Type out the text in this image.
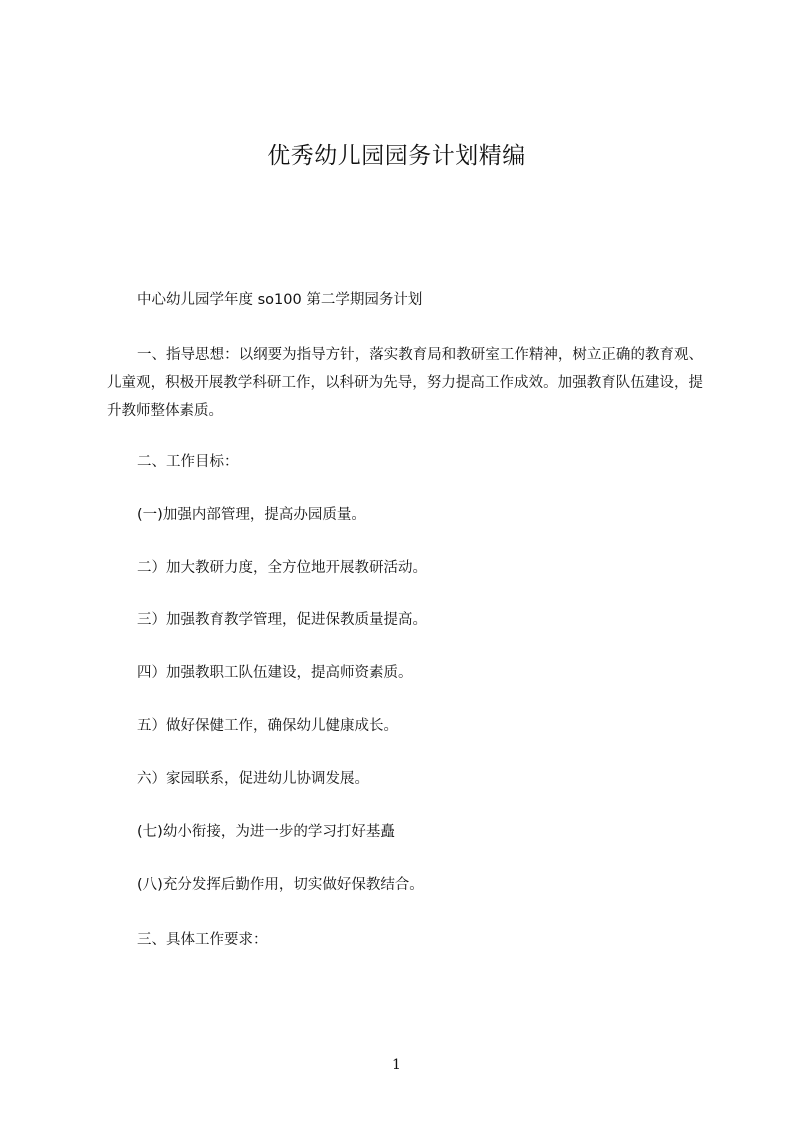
优秀幼儿园园务计划精编
中心幼儿园学年度 so100 第二学期园务计划
一、指导思想：以纲要为指导方针，落实教育局和教研室工作精神，树立正确的教育观、儿童观，积极开展教学科研工作，以科研为先导，努力提高工作成效。加强教育队伍建设，提升教师整体素质。
二、工作目标：
(一)加强内部管理，提高办园质量。
二）加大教研力度，全方位地开展教研活动。
三）加强教育教学管理，促进保教质量提高。
四）加强教职工队伍建设，提高师资素质。
五）做好保健工作，确保幼儿健康成长。
六）家园联系，促进幼儿协调发展。
(七)幼小衔接，为进一步的学习打好基矗
(八)充分发挥后勤作用，切实做好保教结合。
三、具体工作要求：
1
